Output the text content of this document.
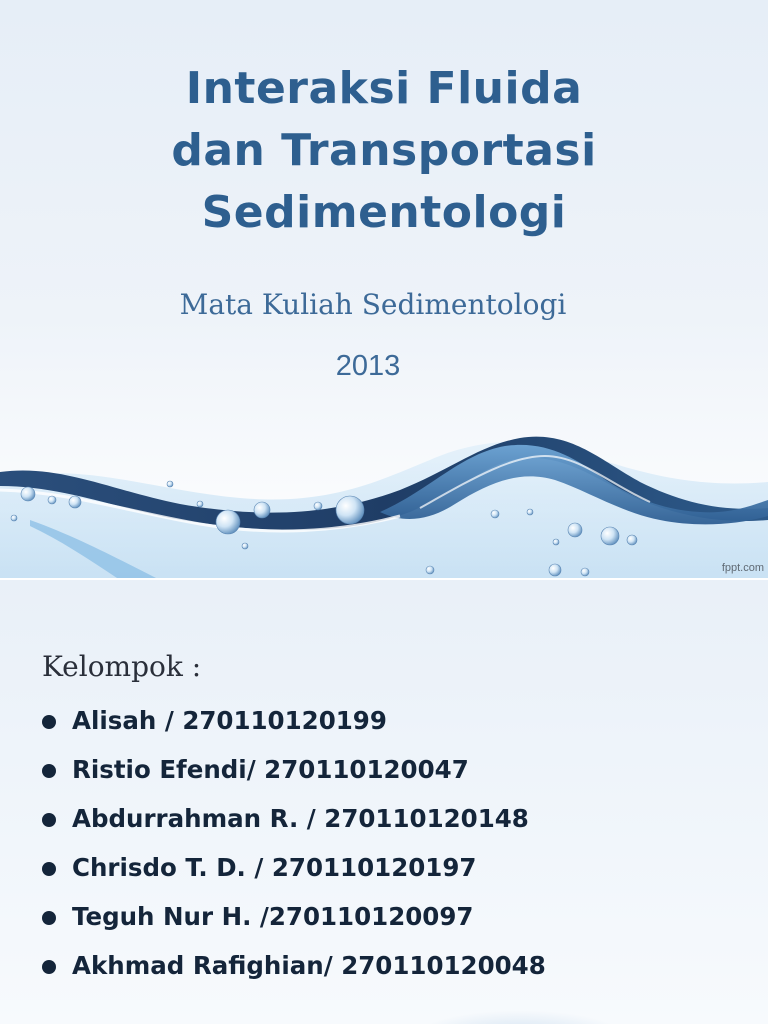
Interaksi Fluida
dan Transportasi
Sedimentologi
Mata Kuliah Sedimentologi
2013
fppt.com
Kelompok :
Alisah / 270110120199
Ristio Efendi/ 270110120047
Abdurrahman R. / 270110120148
Chrisdo T. D. / 270110120197
Teguh Nur H. /270110120097
Akhmad Rafighian/ 270110120048
